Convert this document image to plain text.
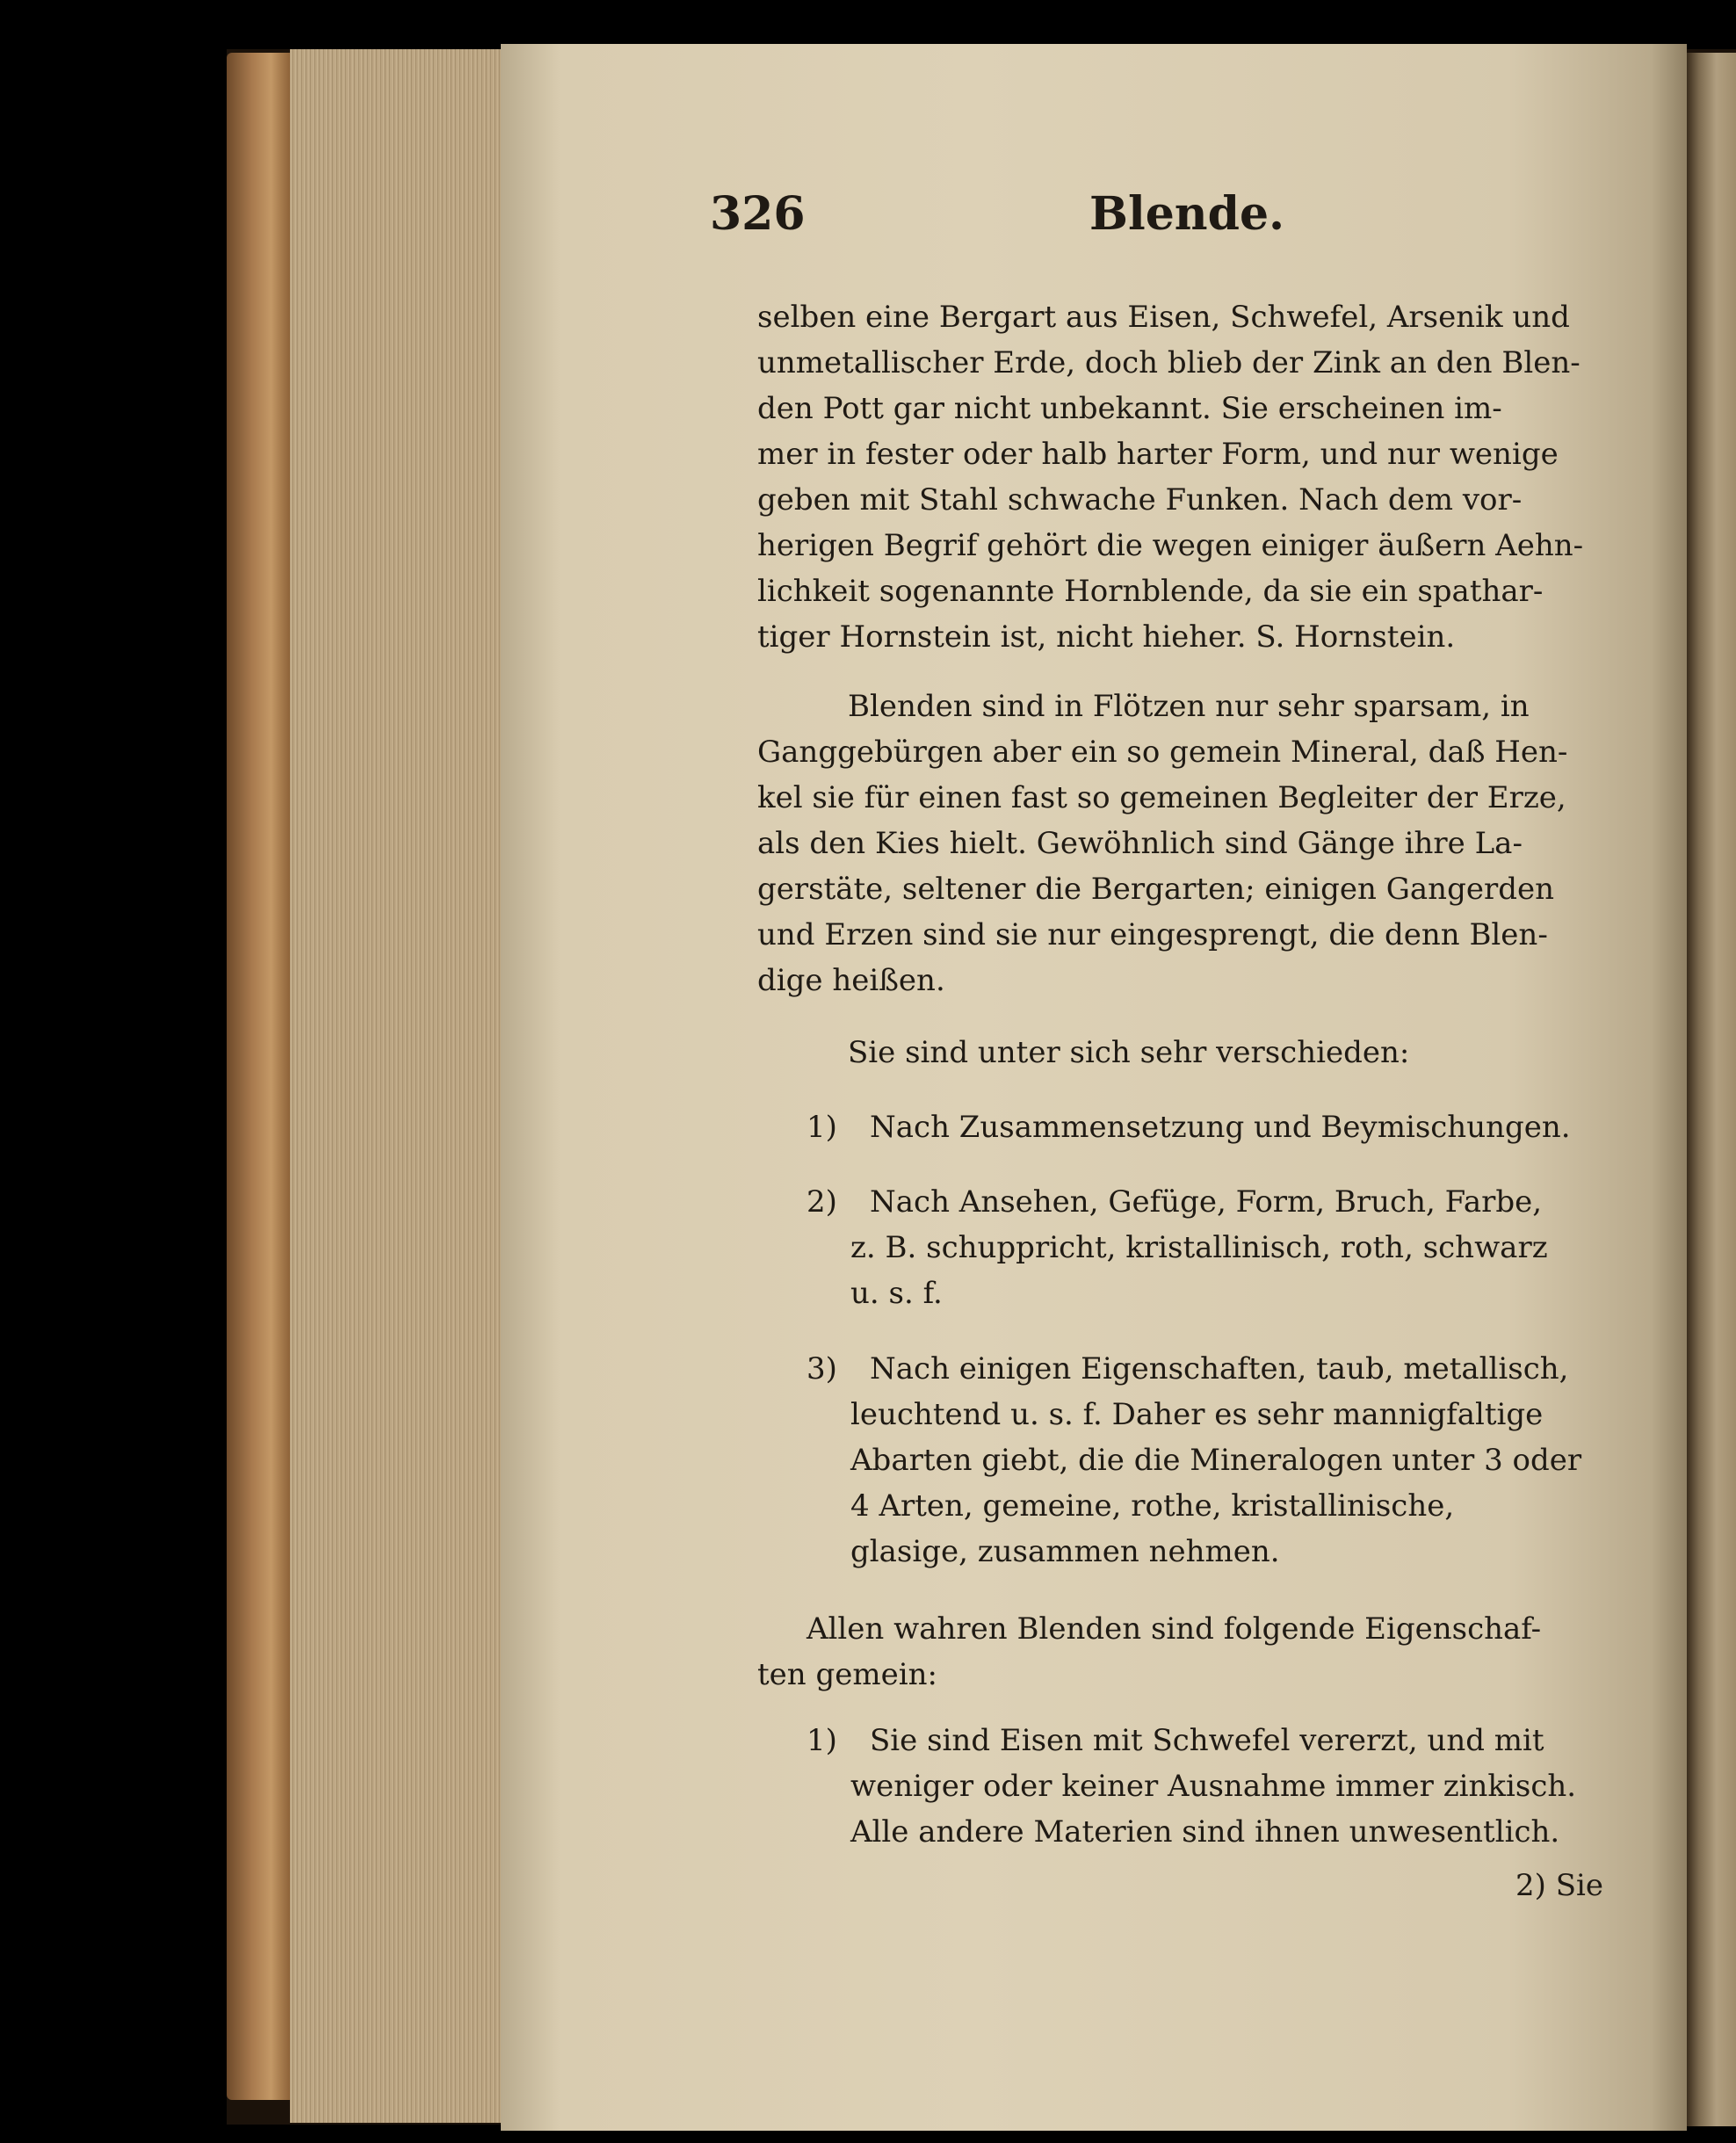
326	Blende.
selben eine Bergart aus Eisen, Schwefel, Arsenik und
unmetallischer Erde, doch blieb der Zink an den Blen-
den Pott gar nicht unbekannt. Sie erscheinen im-
mer in fester oder halb harter Form, und nur wenige
geben mit Stahl schwache Funken. Nach dem vor-
herigen Begrif gehört die wegen einiger äußern Aehn-
lichkeit sogenannte Hornblende, da sie ein spathar-
tiger Hornstein ist, nicht hieher. S. Hornstein.
Blenden sind in Flötzen nur sehr sparsam, in
Ganggebürgen aber ein so gemein Mineral, daß Hen-
kel sie für einen fast so gemeinen Begleiter der Erze,
als den Kies hielt. Gewöhnlich sind Gänge ihre La-
gerstäte, seltener die Bergarten; einigen Gangerden
und Erzen sind sie nur eingesprengt, die denn Blen-
dige heißen.
Sie sind unter sich sehr verschieden:
1) Nach Zusammensetzung und Beymischungen.
2) Nach Ansehen, Gefüge, Form, Bruch, Farbe,
z. B. schuppricht, kristallinisch, roth, schwarz
u. s. f.
3) Nach einigen Eigenschaften, taub, metallisch,
leuchtend u. s. f. Daher es sehr mannigfaltige
Abarten giebt, die die Mineralogen unter 3 oder
4 Arten, gemeine, rothe, kristallinische,
glasige, zusammen nehmen.
Allen wahren Blenden sind folgende Eigenschaf-
ten gemein:
1) Sie sind Eisen mit Schwefel vererzt, und mit
weniger oder keiner Ausnahme immer zinkisch.
Alle andere Materien sind ihnen unwesentlich.
2) Sie
